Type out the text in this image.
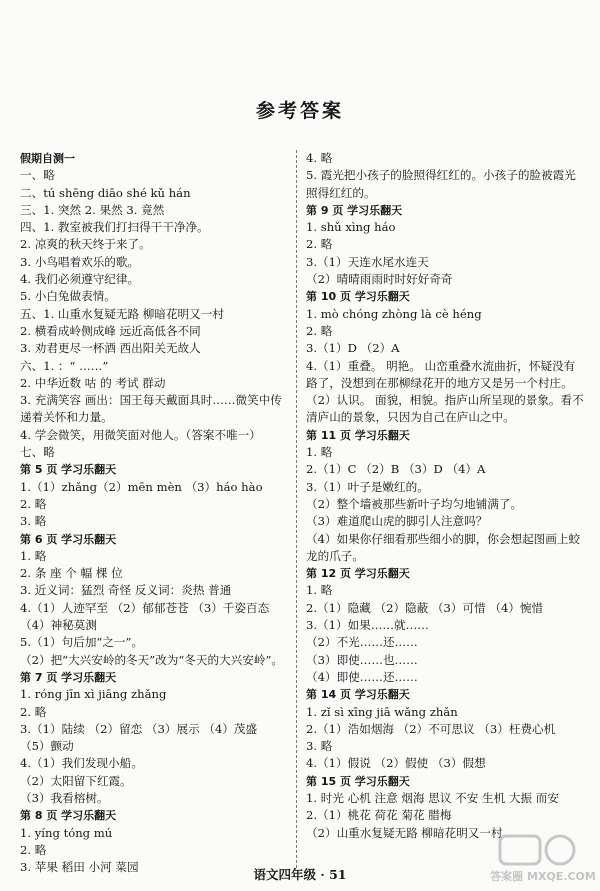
参考答案
假期自测一
一、略
二、tú shēng diāo shé kǔ hán
三、1. 突然 2. 果然 3. 竟然
四、1. 教室被我们打扫得干干净净。
2. 凉爽的秋天终于来了。
3. 小鸟唱着欢乐的歌。
4. 我们必须遵守纪律。
5. 小白兔做表情。
五、1. 山重水复疑无路 柳暗花明又一村
2. 横看成岭侧成峰 远近高低各不同
3. 劝君更尽一杯酒 西出阳关无故人
六、1. ：“ ……”
2. 中华近数 咕 的 考试 群动
3. 充满笑容 画出：国王每天戴面具时……微笑中传递着关怀和力量。
4. 学会微笑，用微笑面对他人。（答案不唯一）
七、略
第 5 页 学习乐翻天
1.（1）zhǎng（2）mēn mèn （3）háo hào
2. 略
3. 略
第 6 页 学习乐翻天
1. 略
2. 条 座 个 幅 棵 位
3. 近义词：猛烈 奇怪 反义词：炎热 普通
4.（1）人迹罕至 （2）郁郁苍苍 （3）千姿百态
（4）神秘莫测
5.（1）句后加“之一”。
（2）把“大兴安岭的冬天”改为“冬天的大兴安岭”。
第 7 页 学习乐翻天
1. róng jīn xì jiāng zhǎng
2. 略
3.（1）陆续 （2）留恋 （3）展示 （4）茂盛
（5）颤动
4.（1）我们发现小船。
（2）太阳留下红霞。
（3）我看榕树。
第 8 页 学习乐翻天
1. yíng tóng mú
2. 略
3. 苹果 稻田 小河 菜园
4. 略
5. 霞光把小孩子的脸照得红红的。小孩子的脸被霞光照得红红的。
第 9 页 学习乐翻天
1. shǔ xìng háo
2. 略
3.（1）天连水尾水连天
（2）晴晴雨雨时时好好奇奇
第 10 页 学习乐翻天
1. mò chóng zhòng là cè héng
2. 略
3.（1）D （2）A
4.（1）重叠。 明艳。 山峦重叠水流曲折，怀疑没有路了，没想到在那柳绿花开的地方又是另一个村庄。
（2）认识。 面貌，相貌。指庐山所呈现的景象。看不清庐山的景象，只因为自己在庐山之中。
第 11 页 学习乐翻天
1. 略
2.（1）C （2）B （3）D （4）A
3.（1）叶子是嫩红的。
（2）整个墙被那些新叶子均匀地铺满了。
（3）难道爬山虎的脚引人注意吗？
（4）如果你仔细看那些细小的脚，你会想起图画上蛟龙的爪子。
第 12 页 学习乐翻天
1. 略
2.（1）隐藏 （2）隐蔽 （3）可惜 （4）惋惜
3.（1）如果……就……
（2）不光……还……
（3）即使……也……
（4）即使……还……
第 14 页 学习乐翻天
1. zǐ sì xīng jiā wǎng zhǎn
2.（1）浩如烟海 （2）不可思议 （3）枉费心机
3. 略
4.（1）假说 （2）假使 （3）假想
第 15 页 学习乐翻天
1. 时光 心机 注意 烟海 思议 不安 生机 大振 而安
2.（1）桃花 荷花 菊花 腊梅
（2）山重水复疑无路 柳暗花明又一村
语文四年级 · 51	答案圈 MXQE.COM
